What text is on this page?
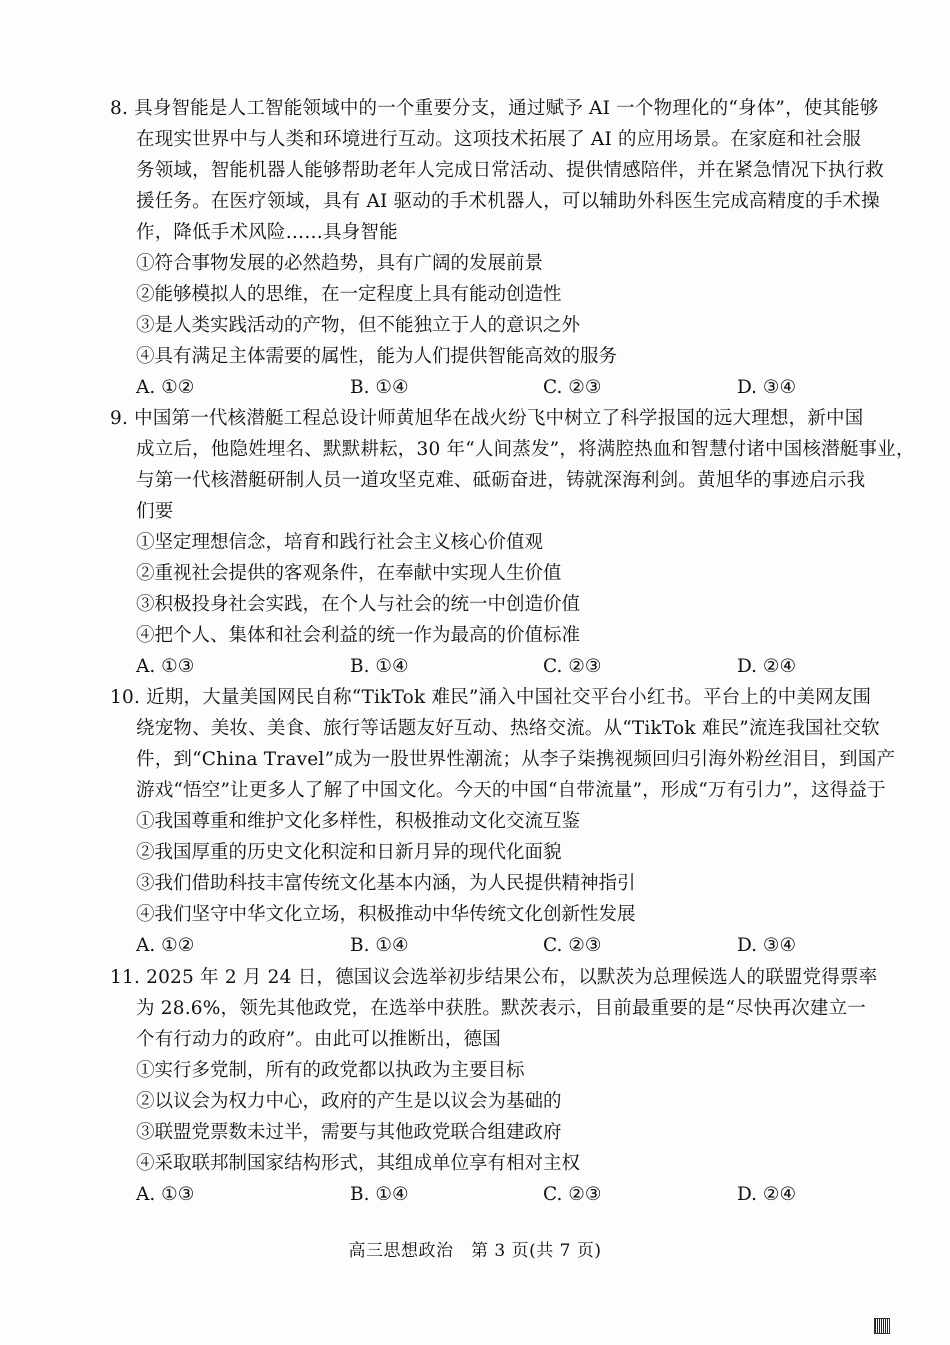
8. 具身智能是人工智能领域中的一个重要分支，通过赋予 AI 一个物理化的“身体”，使其能够
在现实世界中与人类和环境进行互动。这项技术拓展了 AI 的应用场景。在家庭和社会服
务领域，智能机器人能够帮助老年人完成日常活动、提供情感陪伴，并在紧急情况下执行救
援任务。在医疗领域，具有 AI 驱动的手术机器人，可以辅助外科医生完成高精度的手术操
作，降低手术风险……具身智能
①符合事物发展的必然趋势，具有广阔的发展前景
②能够模拟人的思维，在一定程度上具有能动创造性
③是人类实践活动的产物，但不能独立于人的意识之外
④具有满足主体需要的属性，能为人们提供智能高效的服务
A. ①②	B. ①④	C. ②③	D. ③④
9. 中国第一代核潜艇工程总设计师黄旭华在战火纷飞中树立了科学报国的远大理想，新中国
成立后，他隐姓埋名、默默耕耘，30 年“人间蒸发”，将满腔热血和智慧付诸中国核潜艇事业，
与第一代核潜艇研制人员一道攻坚克难、砥砺奋进，铸就深海利剑。黄旭华的事迹启示我
们要
①坚定理想信念，培育和践行社会主义核心价值观
②重视社会提供的客观条件，在奉献中实现人生价值
③积极投身社会实践，在个人与社会的统一中创造价值
④把个人、集体和社会利益的统一作为最高的价值标准
A. ①③	B. ①④	C. ②③	D. ②④
10. 近期，大量美国网民自称“TikTok 难民”涌入中国社交平台小红书。平台上的中美网友围
绕宠物、美妆、美食、旅行等话题友好互动、热络交流。从“TikTok 难民”流连我国社交软
件，到“China Travel”成为一股世界性潮流；从李子柒携视频回归引海外粉丝泪目，到国产
游戏“悟空”让更多人了解了中国文化。今天的中国“自带流量”，形成“万有引力”，这得益于
①我国尊重和维护文化多样性，积极推动文化交流互鉴
②我国厚重的历史文化积淀和日新月异的现代化面貌
③我们借助科技丰富传统文化基本内涵，为人民提供精神指引
④我们坚守中华文化立场，积极推动中华传统文化创新性发展
A. ①②	B. ①④	C. ②③	D. ③④
11. 2025 年 2 月 24 日，德国议会选举初步结果公布，以默茨为总理候选人的联盟党得票率
为 28.6%，领先其他政党，在选举中获胜。默茨表示，目前最重要的是“尽快再次建立一
个有行动力的政府”。由此可以推断出，德国
①实行多党制，所有的政党都以执政为主要目标
②以议会为权力中心，政府的产生是以议会为基础的
③联盟党票数未过半，需要与其他政党联合组建政府
④采取联邦制国家结构形式，其组成单位享有相对主权
A. ①③	B. ①④	C. ②③	D. ②④
高三思想政治　第 3 页(共 7 页)
